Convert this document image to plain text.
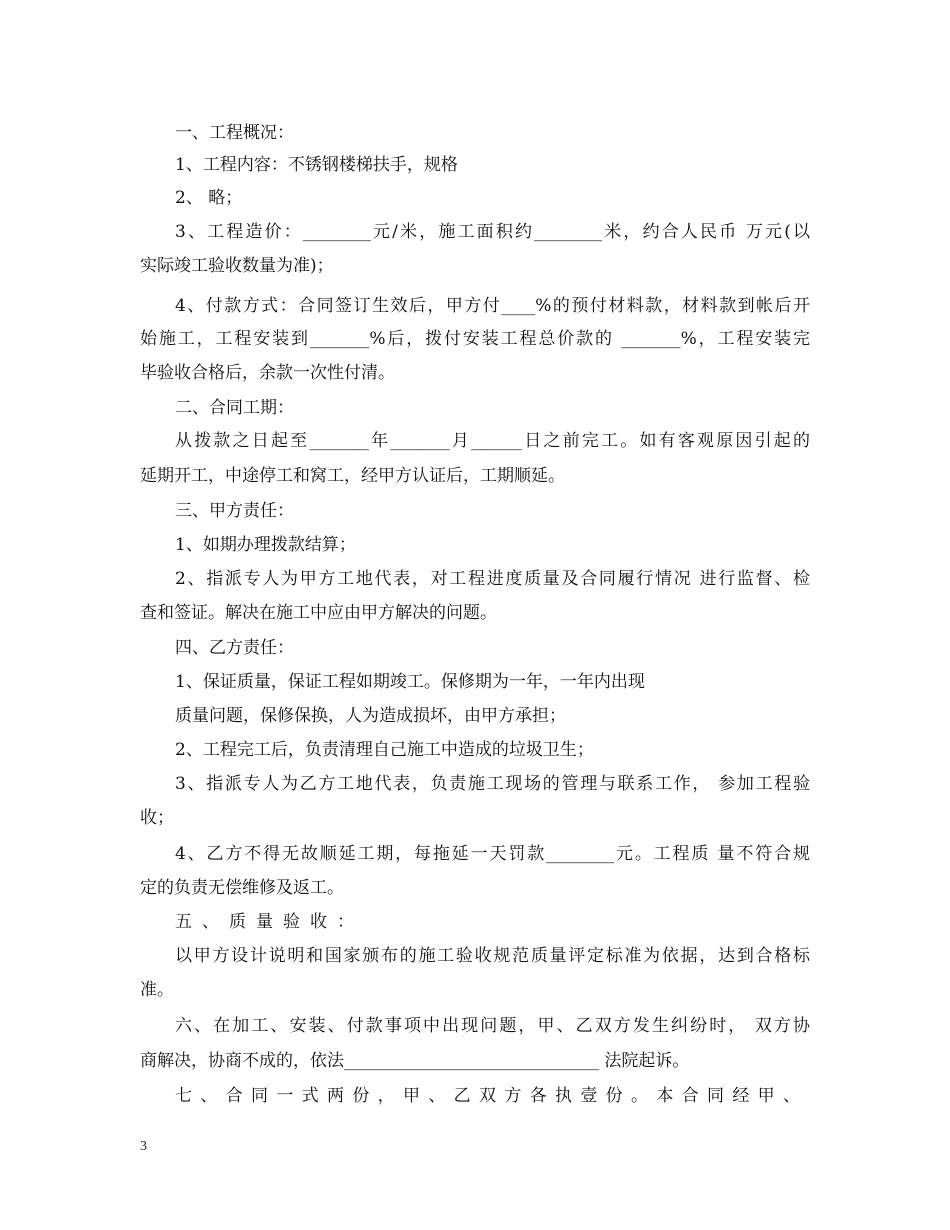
一、工程概况：

1、工程内容：不锈钢楼梯扶手，规格

2、 略；

3、工程造价：________元/米，施工面积约________米，约合人民币 万元(以

实际竣工验收数量为准)；

4、付款方式：合同签订生效后，甲方付____%的预付材料款，材料款到帐后开

始施工，工程安装到_______%后，拨付安装工程总价款的 _______%，工程安装完

毕验收合格后，余款一次性付清。

二、合同工期：

从拨款之日起至_______年_______月______日之前完工。如有客观原因引起的

延期开工，中途停工和窝工，经甲方认证后，工期顺延。

三、甲方责任：

1、如期办理拨款结算；

2、指派专人为甲方工地代表，对工程进度质量及合同履行情况 进行监督、检

查和签证。解决在施工中应由甲方解决的问题。

四、乙方责任：

1、保证质量，保证工程如期竣工。保修期为一年，一年内出现

质量问题，保修保换，人为造成损坏，由甲方承担；

2、工程完工后，负责清理自己施工中造成的垃圾卫生；

3、指派专人为乙方工地代表，负责施工现场的管理与联系工作， 参加工程验

收；

4、乙方不得无故顺延工期，每拖延一天罚款________元。工程质 量不符合规

定的负责无偿维修及返工。

五、质量验收：

以甲方设计说明和国家颁布的施工验收规范质量评定标准为依据，达到合格标

准。

六、在加工、安装、付款事项中出现问题，甲、乙双方发生纠纷时， 双方协

商解决，协商不成的，依法______________________________ 法院起诉。

七、合同一式两份，甲、乙双方各执壹份。本合同经甲、

3
